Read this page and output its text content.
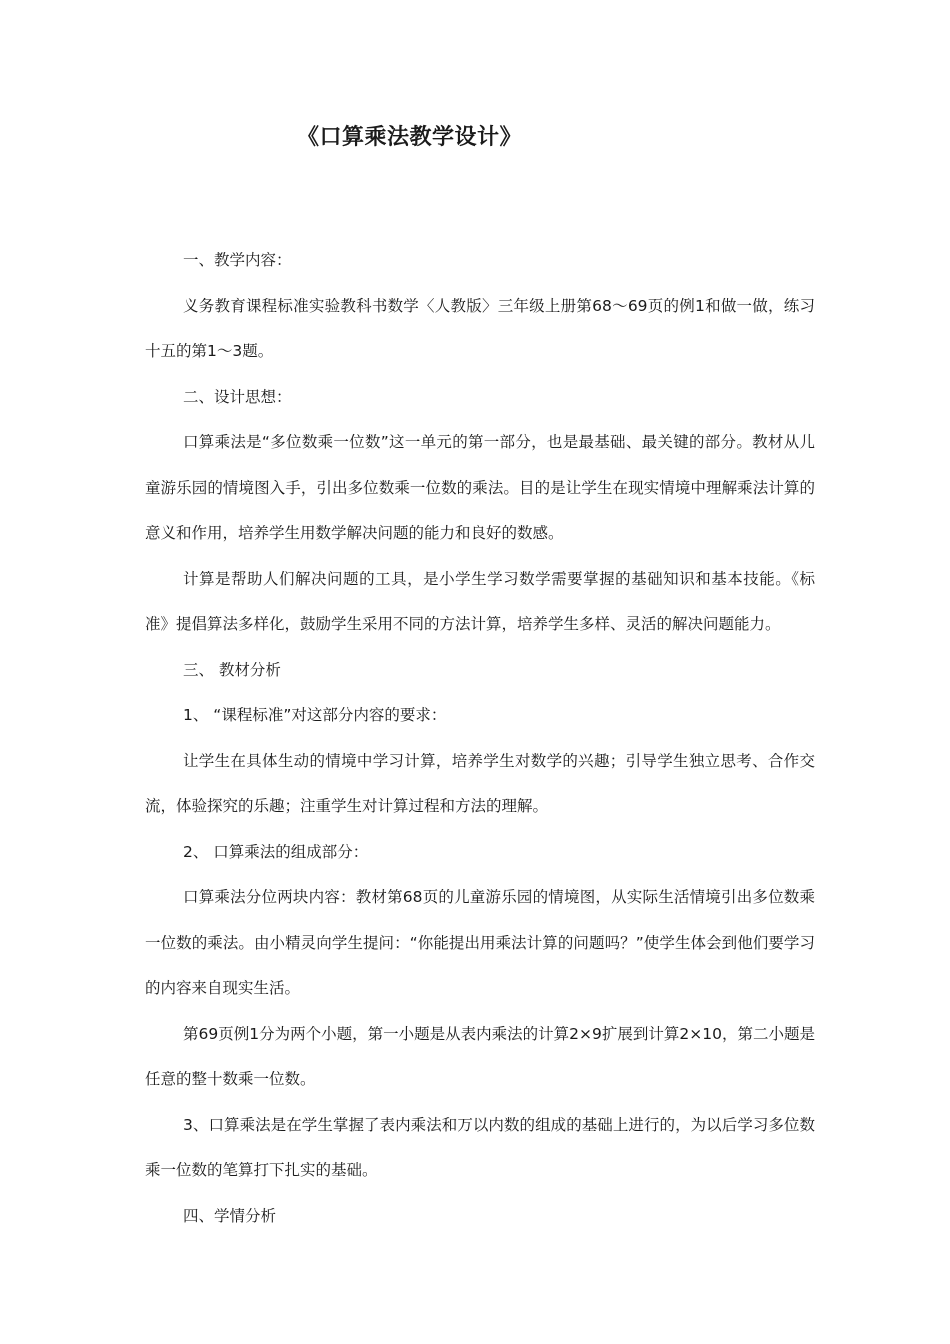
《口算乘法教学设计》

一、教学内容：

义务教育课程标准实验教科书数学〈人教版〉三年级上册第68～69页的例1和做一做，练习十五的第1～3题。

二、设计思想：

口算乘法是“多位数乘一位数”这一单元的第一部分，也是最基础、最关键的部分。教材从儿童游乐园的情境图入手，引出多位数乘一位数的乘法。目的是让学生在现实情境中理解乘法计算的意义和作用，培养学生用数学解决问题的能力和良好的数感。

计算是帮助人们解决问题的工具，是小学生学习数学需要掌握的基础知识和基本技能。《标准》提倡算法多样化，鼓励学生采用不同的方法计算，培养学生多样、灵活的解决问题能力。

三、 教材分析

1、 “课程标准”对这部分内容的要求：

让学生在具体生动的情境中学习计算，培养学生对数学的兴趣；引导学生独立思考、合作交流，体验探究的乐趣；注重学生对计算过程和方法的理解。

2、 口算乘法的组成部分：

口算乘法分位两块内容：教材第68页的儿童游乐园的情境图，从实际生活情境引出多位数乘一位数的乘法。由小精灵向学生提问：“你能提出用乘法计算的问题吗？”使学生体会到他们要学习的内容来自现实生活。

第69页例1分为两个小题，第一小题是从表内乘法的计算2×9扩展到计算2×10，第二小题是任意的整十数乘一位数。

3、口算乘法是在学生掌握了表内乘法和万以内数的组成的基础上进行的，为以后学习多位数乘一位数的笔算打下扎实的基础。

四、学情分析
